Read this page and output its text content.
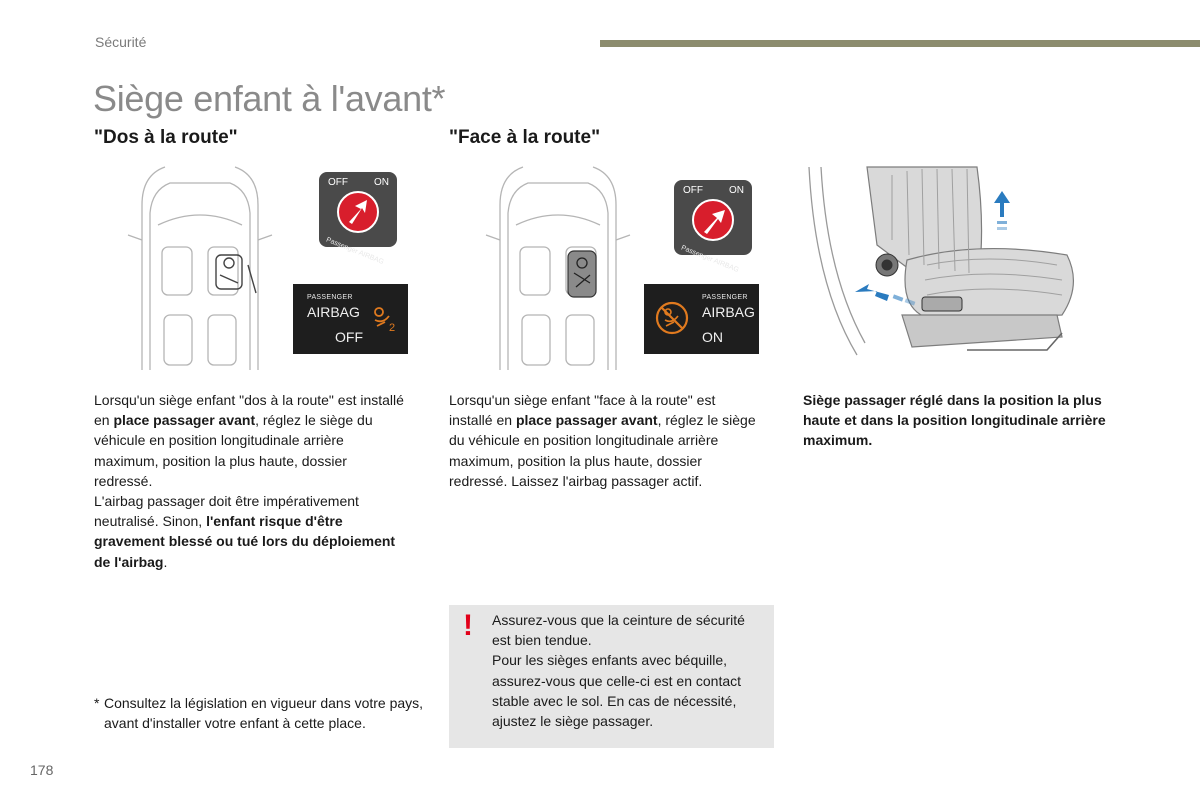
Sécurité
Siège enfant à l'avant*
"Dos à la route"	"Face à la route"
OFF	ON
Passenger AIRBAG
PASSENGER
AIRBAG
OFF
2
OFF	ON
Passenger AIRBAG
PASSENGER
AIRBAG
ON
Lorsqu'un siège enfant "dos à la route" est installé en place passager avant, réglez le siège du véhicule en position longitudinale arrière maximum, position la plus haute, dossier redressé.
L'airbag passager doit être impérativement neutralisé. Sinon, l'enfant risque d'être gravement blessé ou tué lors du déploiement de l'airbag.
Lorsqu'un siège enfant "face à la route" est installé en place passager avant, réglez le siège du véhicule en position longitudinale arrière maximum, position la plus haute, dossier redressé. Laissez l'airbag passager actif.
Siège passager réglé dans la position la plus haute et dans la position longitudinale arrière maximum.
! Assurez-vous que la ceinture de sécurité est bien tendue.
Pour les sièges enfants avec béquille, assurez-vous que celle-ci est en contact stable avec le sol. En cas de nécessité, ajustez le siège passager.
* Consultez la législation en vigueur dans votre pays, avant d'installer votre enfant à cette place.
178
